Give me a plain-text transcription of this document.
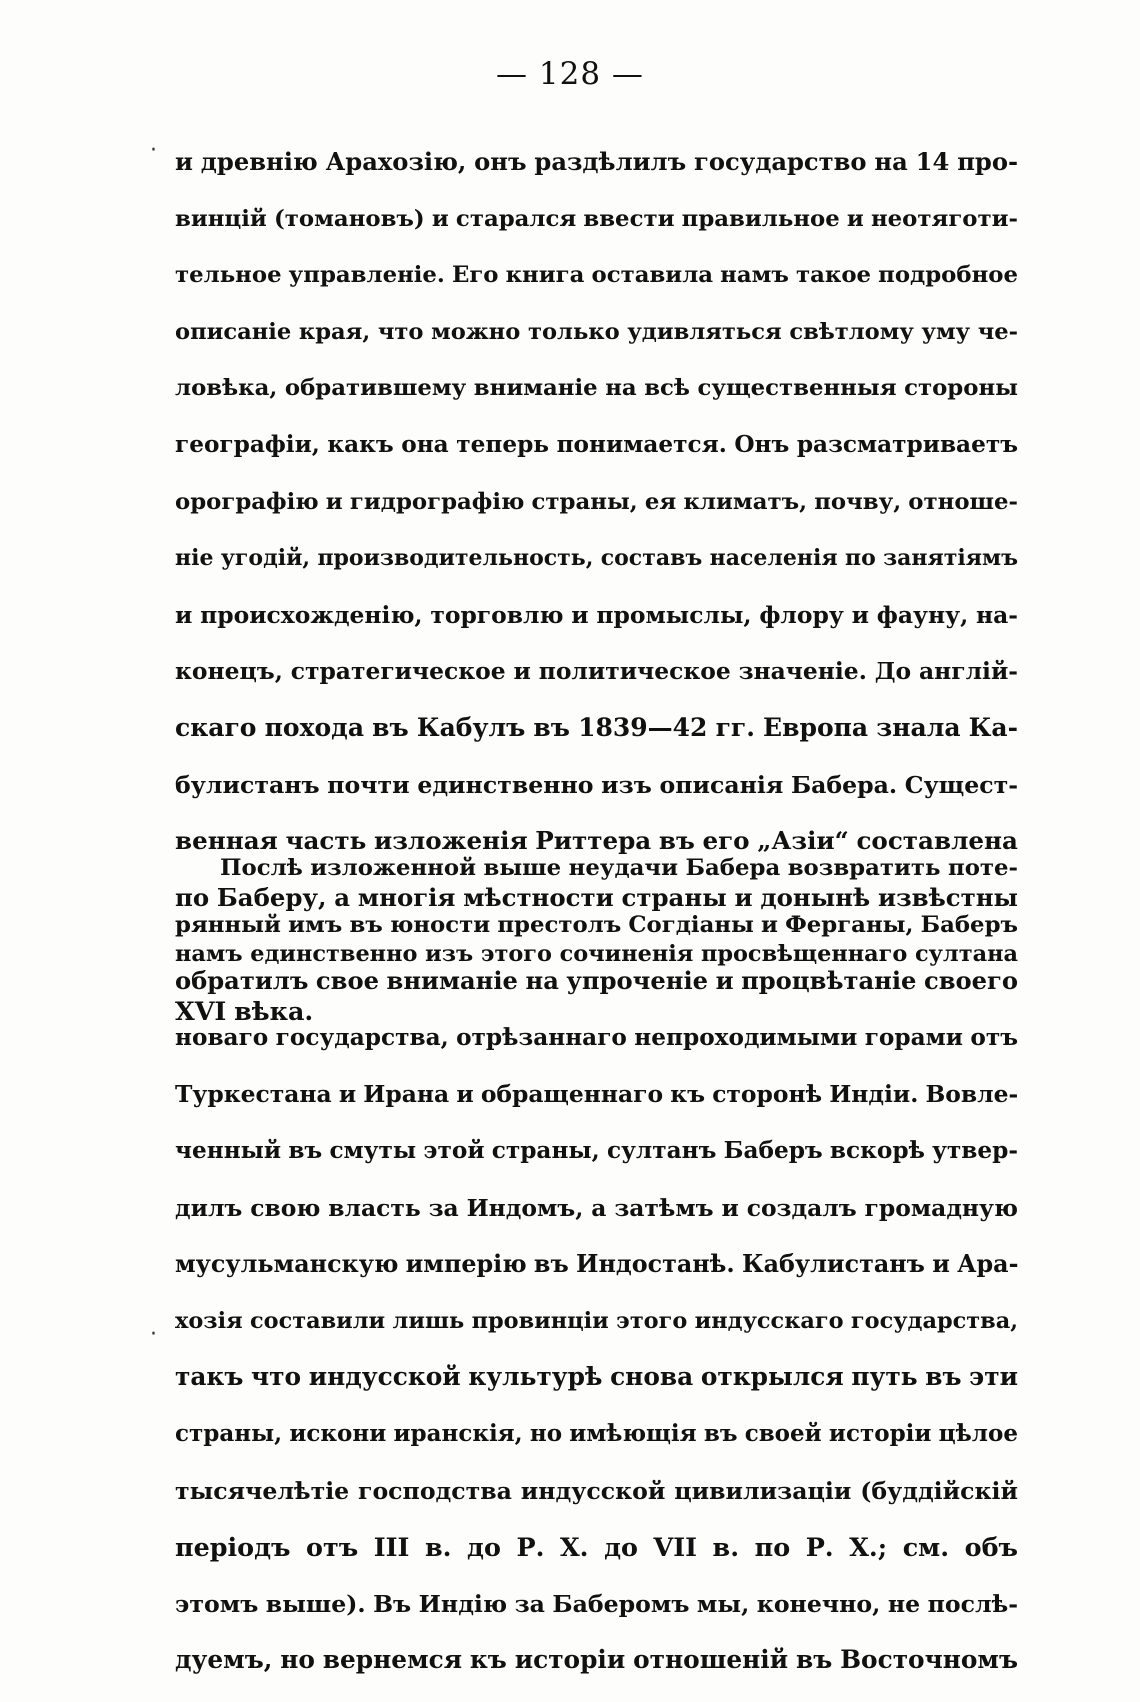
— 128 —
и древнію Арахозію, онъ раздѣлилъ государство на 14 про-
винцій (томановъ) и старался ввести правильное и неотяготи-
тельное управленіе. Его книга оставила намъ такое подробное
описаніе края, что можно только удивляться свѣтлому уму че-
ловѣка, обратившему вниманіе на всѣ существенныя стороны
географіи, какъ она теперь понимается. Онъ разсматриваетъ
орографію и гидрографію страны, ея климатъ, почву, отноше-
ніе угодій, производительность, составъ населенія по занятіямъ
и происхожденію, торговлю и промыслы, флору и фауну, на-
конецъ, стратегическое и политическое значеніе. До англій-
скаго похода въ Кабулъ въ 1839—42 гг. Европа знала Ка-
булистанъ почти единственно изъ описанія Бабера. Сущест-
венная часть изложенія Риттера въ его „Азіи“ составлена
по Баберу, а многія мѣстности страны и донынѣ извѣстны
намъ единственно изъ этого сочиненія просвѣщеннаго султана
XVI вѣка.
Послѣ изложенной выше неудачи Бабера возвратить поте-
рянный имъ въ юности престолъ Согдіаны и Ферганы, Баберъ
обратилъ свое вниманіе на упроченіе и процвѣтаніе своего
новаго государства, отрѣзаннаго непроходимыми горами отъ
Туркестана и Ирана и обращеннаго къ сторонѣ Индіи. Вовле-
ченный въ смуты этой страны, султанъ Баберъ вскорѣ утвер-
дилъ свою власть за Индомъ, а затѣмъ и создалъ громадную
мусульманскую имперію въ Индостанѣ. Кабулистанъ и Ара-
хозія составили лишь провинціи этого индусскаго государства,
такъ что индусской культурѣ снова открылся путь въ эти
страны, искони иранскія, но имѣющія въ своей исторіи цѣлое
тысячелѣтіе господства индусской цивилизаціи (буддійскій
періодъ отъ III в. до Р. X. до VII в. по Р. X.; см. объ
этомъ выше). Въ Индію за Баберомъ мы, конечно, не послѣ-
дуемъ, но вернемся къ исторіи отношеній въ Восточномъ
·
·
